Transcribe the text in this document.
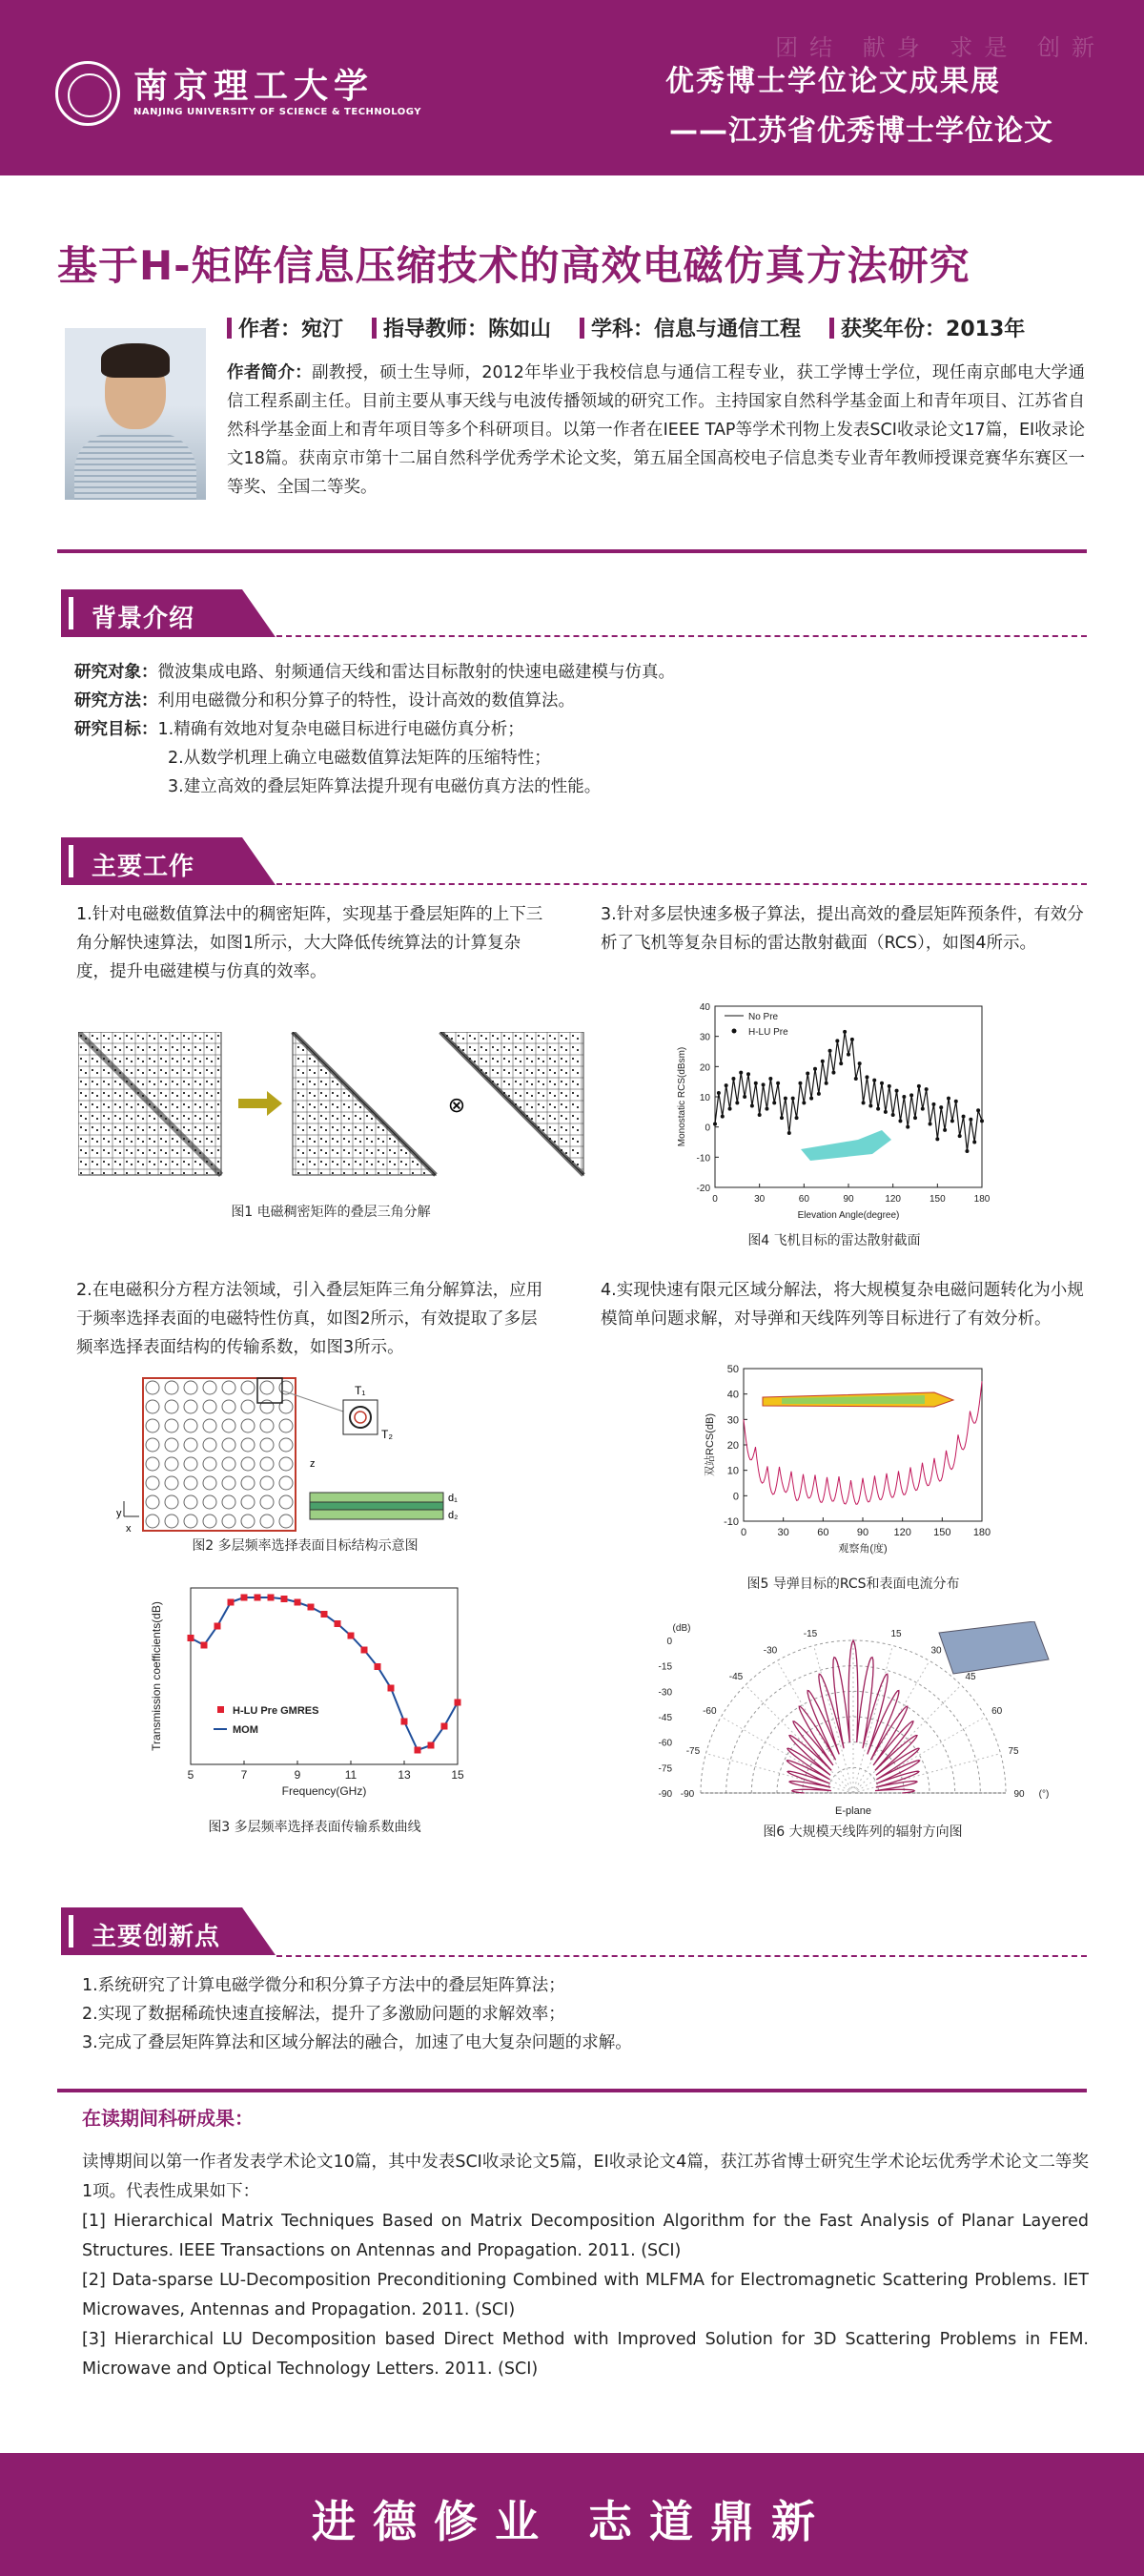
南京理工大学
NANJING UNIVERSITY OF SCIENCE & TECHNOLOGY
团结 献身 求是 创新
优秀博士学位论文成果展
——江苏省优秀博士学位论文
基于H-矩阵信息压缩技术的高效电磁仿真方法研究
作者：宛汀	指导教师：陈如山	学科：信息与通信工程	获奖年份：2013年
作者简介：副教授，硕士生导师，2012年毕业于我校信息与通信工程专业，获工学博士学位，现任南京邮电大学通信工程系副主任。目前主要从事天线与电波传播领域的研究工作。主持国家自然科学基金面上和青年项目、江苏省自然科学基金面上和青年项目等多个科研项目。以第一作者在IEEE TAP等学术刊物上发表SCI收录论文17篇，EI收录论文18篇。获南京市第十二届自然科学优秀学术论文奖，第五届全国高校电子信息类专业青年教师授课竞赛华东赛区一等奖、全国二等奖。
背景介绍
研究对象：微波集成电路、射频通信天线和雷达目标散射的快速电磁建模与仿真。
研究方法：利用电磁微分和积分算子的特性，设计高效的数值算法。
研究目标：1.精确有效地对复杂电磁目标进行电磁仿真分析；
2.从数学机理上确立电磁数值算法矩阵的压缩特性；
3.建立高效的叠层矩阵算法提升现有电磁仿真方法的性能。
主要工作
1.针对电磁数值算法中的稠密矩阵，实现基于叠层矩阵的上下三角分解快速算法，如图1所示，大大降低传统算法的计算复杂度，提升电磁建模与仿真的效率。
3.针对多层快速多极子算法，提出高效的叠层矩阵预条件，有效分析了飞机等复杂目标的雷达散射截面（RCS），如图4所示。
⊗
图1 电磁稠密矩阵的叠层三角分解
0	30	60	90	120	150	180
-20
-10
0
10
20
30
40
Elevation Angle(degree)
Monostatic RCS(dBsm)
No Pre
H-LU Pre
图4 飞机目标的雷达散射截面
2.在电磁积分方程方法领域，引入叠层矩阵三角分解算法，应用于频率选择表面的电磁特性仿真，如图2所示，有效提取了多层频率选择表面结构的传输系数，如图3所示。
4.实现快速有限元区域分解法，将大规模复杂电磁问题转化为小规模简单问题求解，对导弹和天线阵列等目标进行了有效分析。
T₁
T₂
d₁
d₂
y
x
z
图2 多层频率选择表面目标结构示意图
5	7	9	11	13	15
Frequency(GHz)
Transmission coefficients(dB)	H-LU Pre GMRES
MOM
图3 多层频率选择表面传输系数曲线
0	30	60	90 120 150 180
-10
0
10
20
30
40
50
观察角(度)
双站RCS(dB)
图5 导弹目标的RCS和表面电流分布
-90
-75
-60
-45
-30
-15	15
30
45
60
75
90
0
-15
-30
-45
-60
-75
-90
E-plane
(dB)
(°)
图6 大规模天线阵列的辐射方向图
主要创新点
1.系统研究了计算电磁学微分和积分算子方法中的叠层矩阵算法；
2.实现了数据稀疏快速直接解法，提升了多激励问题的求解效率；
3.完成了叠层矩阵算法和区域分解法的融合，加速了电大复杂问题的求解。
在读期间科研成果：
读博期间以第一作者发表学术论文10篇，其中发表SCI收录论文5篇，EI收录论文4篇，获江苏省博士研究生学术论坛优秀学术论文二等奖1项。代表性成果如下：
[1] Hierarchical Matrix Techniques Based on Matrix Decomposition Algorithm for the Fast Analysis of Planar Layered Structures. IEEE Transactions on Antennas and Propagation. 2011. (SCI)
[2] Data-sparse LU-Decomposition Preconditioning Combined with MLFMA for Electromagnetic Scattering Problems. IET Microwaves, Antennas and Propagation. 2011. (SCI)
[3] Hierarchical LU Decomposition based Direct Method with Improved Solution for 3D Scattering Problems in FEM. Microwave and Optical Technology Letters. 2011. (SCI)
进德修业 志道鼎新
